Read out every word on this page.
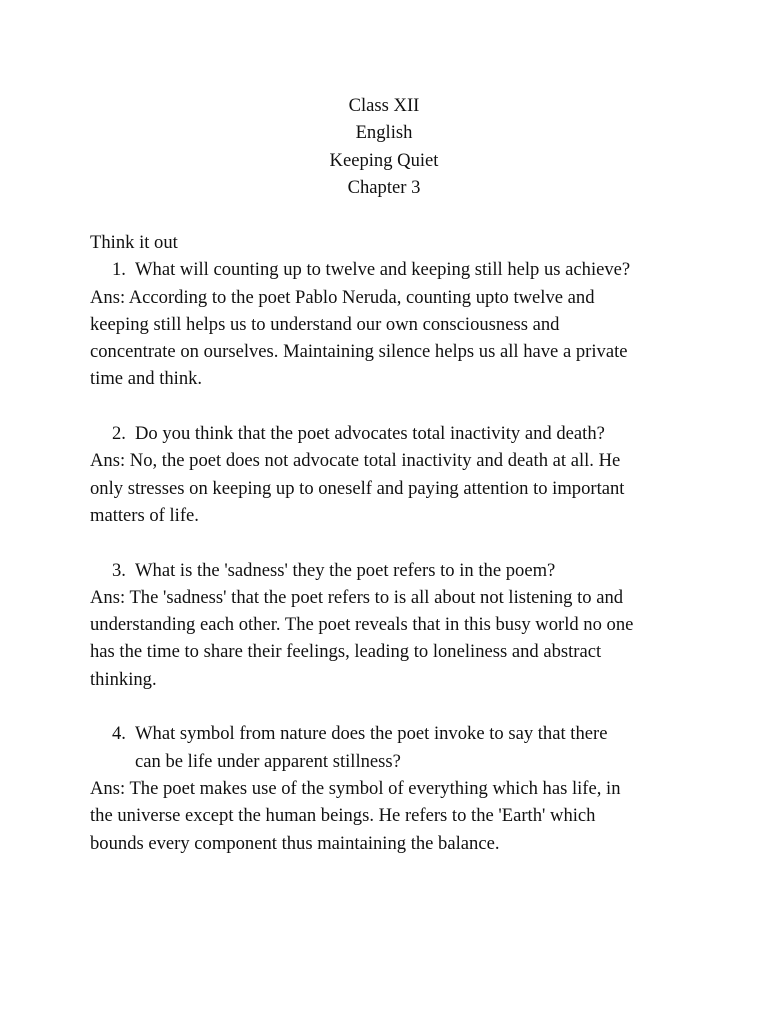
Class XII
English
Keeping Quiet
Chapter 3
Think it out
1. What will counting up to twelve and keeping still help us achieve?
Ans: According to the poet Pablo Neruda, counting upto twelve and
keeping still helps us to understand our own consciousness and
concentrate on ourselves. Maintaining silence helps us all have a private
time and think.
2. Do you think that the poet advocates total inactivity and death?
Ans: No, the poet does not advocate total inactivity and death at all. He
only stresses on keeping up to oneself and paying attention to important
matters of life.
3. What is the 'sadness' they the poet refers to in the poem?
Ans: The 'sadness' that the poet refers to is all about not listening to and
understanding each other. The poet reveals that in this busy world no one
has the time to share their feelings, leading to loneliness and abstract
thinking.
4. What symbol from nature does the poet invoke to say that there
can be life under apparent stillness?
Ans: The poet makes use of the symbol of everything which has life, in
the universe except the human beings. He refers to the 'Earth' which
bounds every component thus maintaining the balance.
